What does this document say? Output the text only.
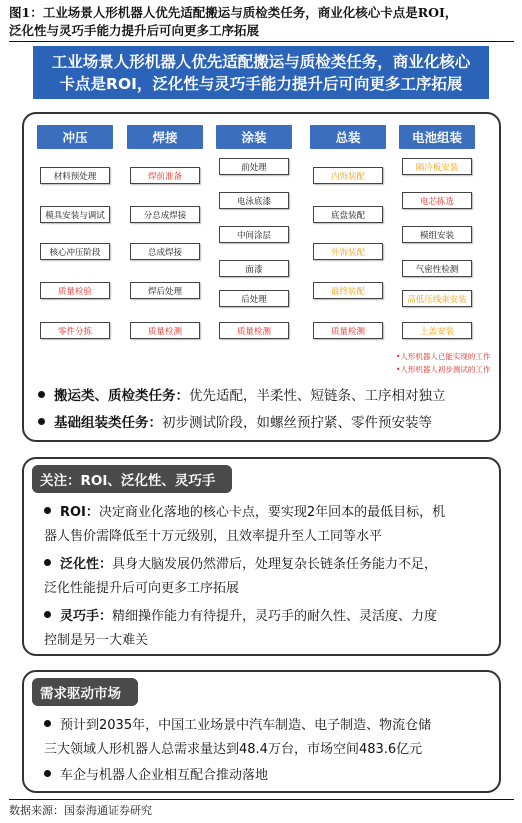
图1：工业场景人形机器人优先适配搬运与质检类任务，商业化核心卡点是ROI，
泛化性与灵巧手能力提升后可向更多工序拓展
工业场景人形机器人优先适配搬运与质检类任务，商业化核心
卡点是ROI，泛化性与灵巧手能力提升后可向更多工序拓展
冲压
材料预处理
模具安装与调试
核心冲压阶段
质量检验
零件分拣
焊接
焊前准备
分总成焊接
总成焊接
焊后处理
质量检测
涂装
前处理
电泳底漆
中间涂层
面漆
后处理
质量检测
总装
内饰装配
底盘装配
外饰装配
最终装配
质量检测
电池组装
隔冷板安装
电芯拣选
模组安装
气密性检测
高低压线束安装
上盖安装
•人形机器人已能实现的工作
•人形机器人初步测试的工作
搬运类、质检类任务：优先适配，半柔性、短链条、工序相对独立
基础组装类任务：初步测试阶段，如螺丝预拧紧、零件预安装等
关注：ROI、泛化性、灵巧手
ROI：决定商业化落地的核心卡点，要实现2年回本的最低目标，机
器人售价需降低至十万元级别，且效率提升至人工同等水平
泛化性：具身大脑发展仍然滞后，处理复杂长链条任务能力不足，
泛化性能提升后可向更多工序拓展
灵巧手：精细操作能力有待提升，灵巧手的耐久性、灵活度、力度
控制是另一大难关
需求驱动市场
预计到2035年，中国工业场景中汽车制造、电子制造、物流仓储
三大领域人形机器人总需求量达到48.4万台，市场空间483.6亿元
车企与机器人企业相互配合推动落地
数据来源：国泰海通证券研究
